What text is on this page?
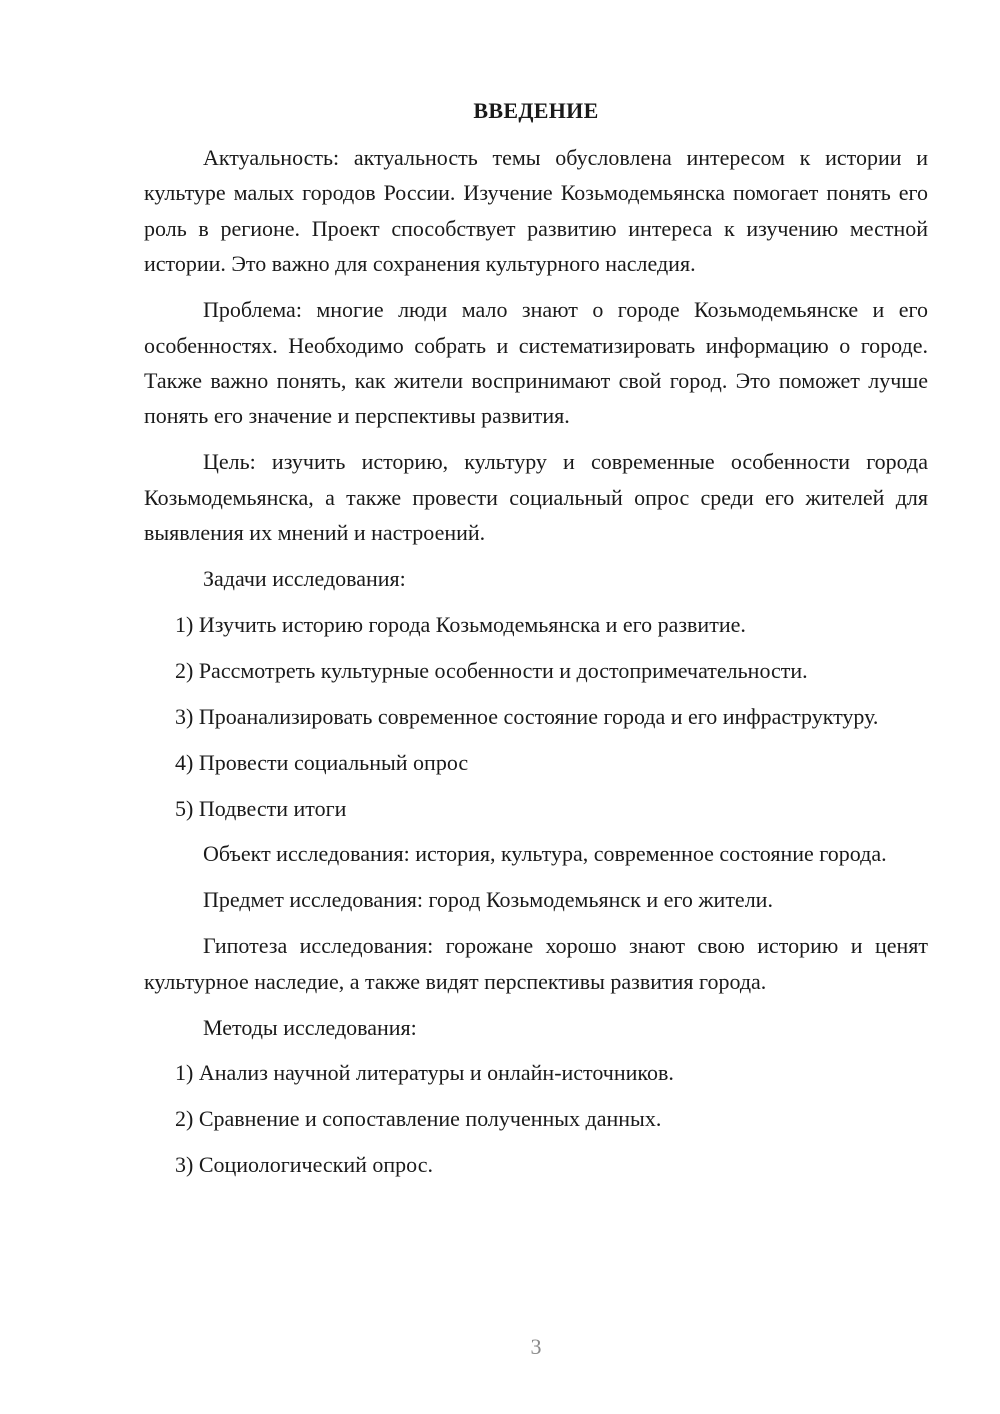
ВВЕДЕНИЕ

Актуальность: актуальность темы обусловлена интересом к истории и культуре малых городов России. Изучение Козьмодемьянска помогает понять его роль в регионе. Проект способствует развитию интереса к изучению местной истории. Это важно для сохранения культурного наследия.

Проблема: многие люди мало знают о городе Козьмодемьянске и его особенностях. Необходимо собрать и систематизировать информацию о городе. Также важно понять, как жители воспринимают свой город. Это поможет лучше понять его значение и перспективы развития.

Цель: изучить историю, культуру и современные особенности города Козьмодемьянска, а также провести социальный опрос среди его жителей для выявления их мнений и настроений.

Задачи исследования:

1) Изучить историю города Козьмодемьянска и его развитие.

2) Рассмотреть культурные особенности и достопримечательности.

3) Проанализировать современное состояние города и его инфраструктуру.

4) Провести социальный опрос

5) Подвести итоги

Объект исследования: история, культура, современное состояние города.

Предмет исследования: город Козьмодемьянск и его жители.

Гипотеза исследования: горожане хорошо знают свою историю и ценят культурное наследие, а также видят перспективы развития города.

Методы исследования:

1) Анализ научной литературы и онлайн-источников.

2) Сравнение и сопоставление полученных данных.

3) Социологический опрос.

3
